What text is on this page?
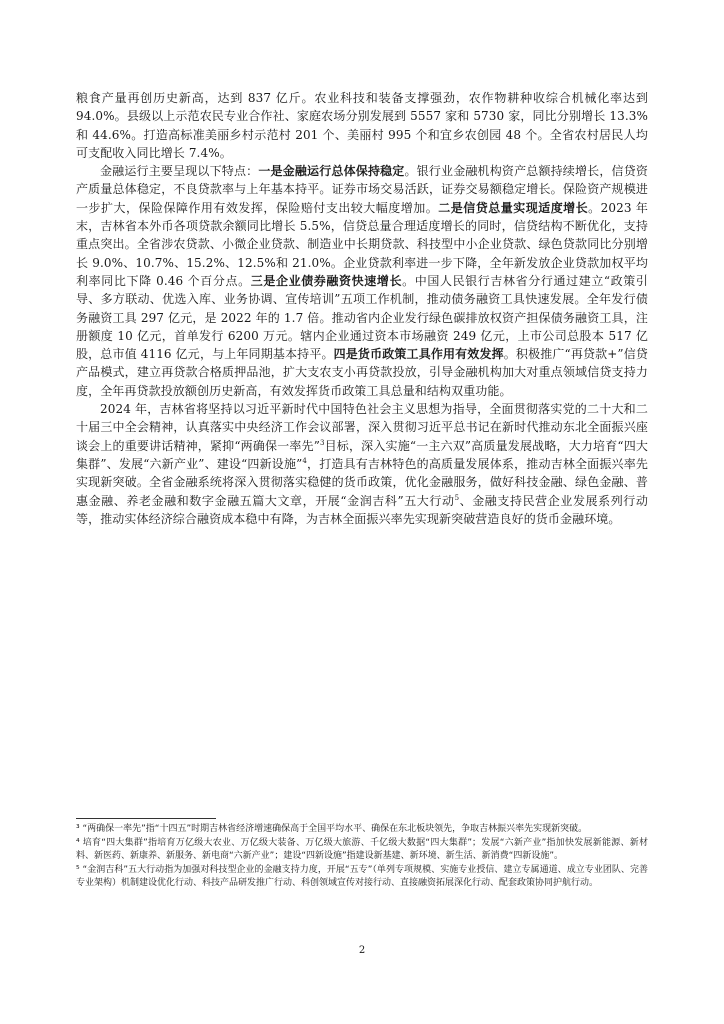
粮食产量再创历史新高，达到 837 亿斤。农业科技和装备支撑强劲，农作物耕种收综合机械化率达到 94.0%。县级以上示范农民专业合作社、家庭农场分别发展到 5557 家和 5730 家，同比分别增长 13.3% 和 44.6%。打造高标准美丽乡村示范村 201 个、美丽村 995 个和宜乡农创园 48 个。全省农村居民人均可支配收入同比增长 7.4%。

金融运行主要呈现以下特点：一是金融运行总体保持稳定。银行业金融机构资产总额持续增长，信贷资产质量总体稳定，不良贷款率与上年基本持平。证券市场交易活跃，证券交易额稳定增长。保险资产规模进一步扩大，保险保障作用有效发挥，保险赔付支出较大幅度增加。二是信贷总量实现适度增长。2023 年末，吉林省本外币各项贷款余额同比增长 5.5%，信贷总量合理适度增长的同时，信贷结构不断优化，支持重点突出。全省涉农贷款、小微企业贷款、制造业中长期贷款、科技型中小企业贷款、绿色贷款同比分别增长 9.0%、10.7%、15.2%、12.5%和 21.0%。企业贷款利率进一步下降，全年新发放企业贷款加权平均利率同比下降 0.46 个百分点。三是企业债券融资快速增长。中国人民银行吉林省分行通过建立“政策引导、多方联动、优选入库、业务协调、宣传培训”五项工作机制，推动债务融资工具快速发展。全年发行债务融资工具 297 亿元，是 2022 年的 1.7 倍。推动省内企业发行绿色碳排放权资产担保债务融资工具，注册额度 10 亿元，首单发行 6200 万元。辖内企业通过资本市场融资 249 亿元，上市公司总股本 517 亿股，总市值 4116 亿元，与上年同期基本持平。四是货币政策工具作用有效发挥。积极推广“再贷款+”信贷产品模式，建立再贷款合格质押品池，扩大支农支小再贷款投放，引导金融机构加大对重点领域信贷支持力度，全年再贷款投放额创历史新高，有效发挥货币政策工具总量和结构双重功能。

2024 年，吉林省将坚持以习近平新时代中国特色社会主义思想为指导，全面贯彻落实党的二十大和二十届三中全会精神，认真落实中央经济工作会议部署，深入贯彻习近平总书记在新时代推动东北全面振兴座谈会上的重要讲话精神，紧抑“两确保一率先”$^3$目标，深入实施“一主六双”高质量发展战略，大力培育“四大集群”、发展“六新产业”、建设“四新设施”$^4$，打造具有吉林特色的高质量发展体系，推动吉林全面振兴率先实现新突破。全省金融系统将深入贯彻落实稳健的货币政策，优化金融服务，做好科技金融、绿色金融、普惠金融、养老金融和数字金融五篇大文章，开展“金润吉科”五大行动$^5$、金融支持民营企业发展系列行动等，推动实体经济综合融资成本稳中有降，为吉林全面振兴率先实现新突破营造良好的货币金融环境。

³ “两确保一率先”指“十四五”时期吉林省经济增速确保高于全国平均水平、确保在东北板块领先，争取吉林振兴率先实现新突破。

⁴ 培育“四大集群”指培育万亿级大农业、万亿级大装备、万亿级大旅游、千亿级大数据“四大集群”；发展“六新产业”指加快发展新能源、新材料、新医药、新康养、新服务、新电商“六新产业”；建设“四新设施”指建设新基建、新环境、新生活、新消费“四新设施”。

⁵ “金润吉科”五大行动指为加强对科技型企业的金融支持力度，开展“五专”（单列专项规模、实施专业授信、建立专属通道、成立专业团队、完善专业架构）机制建设优化行动、科技产品研发推广行动、科创领域宣传对接行动、直接融资拓展深化行动、配套政策协同护航行动。

2
